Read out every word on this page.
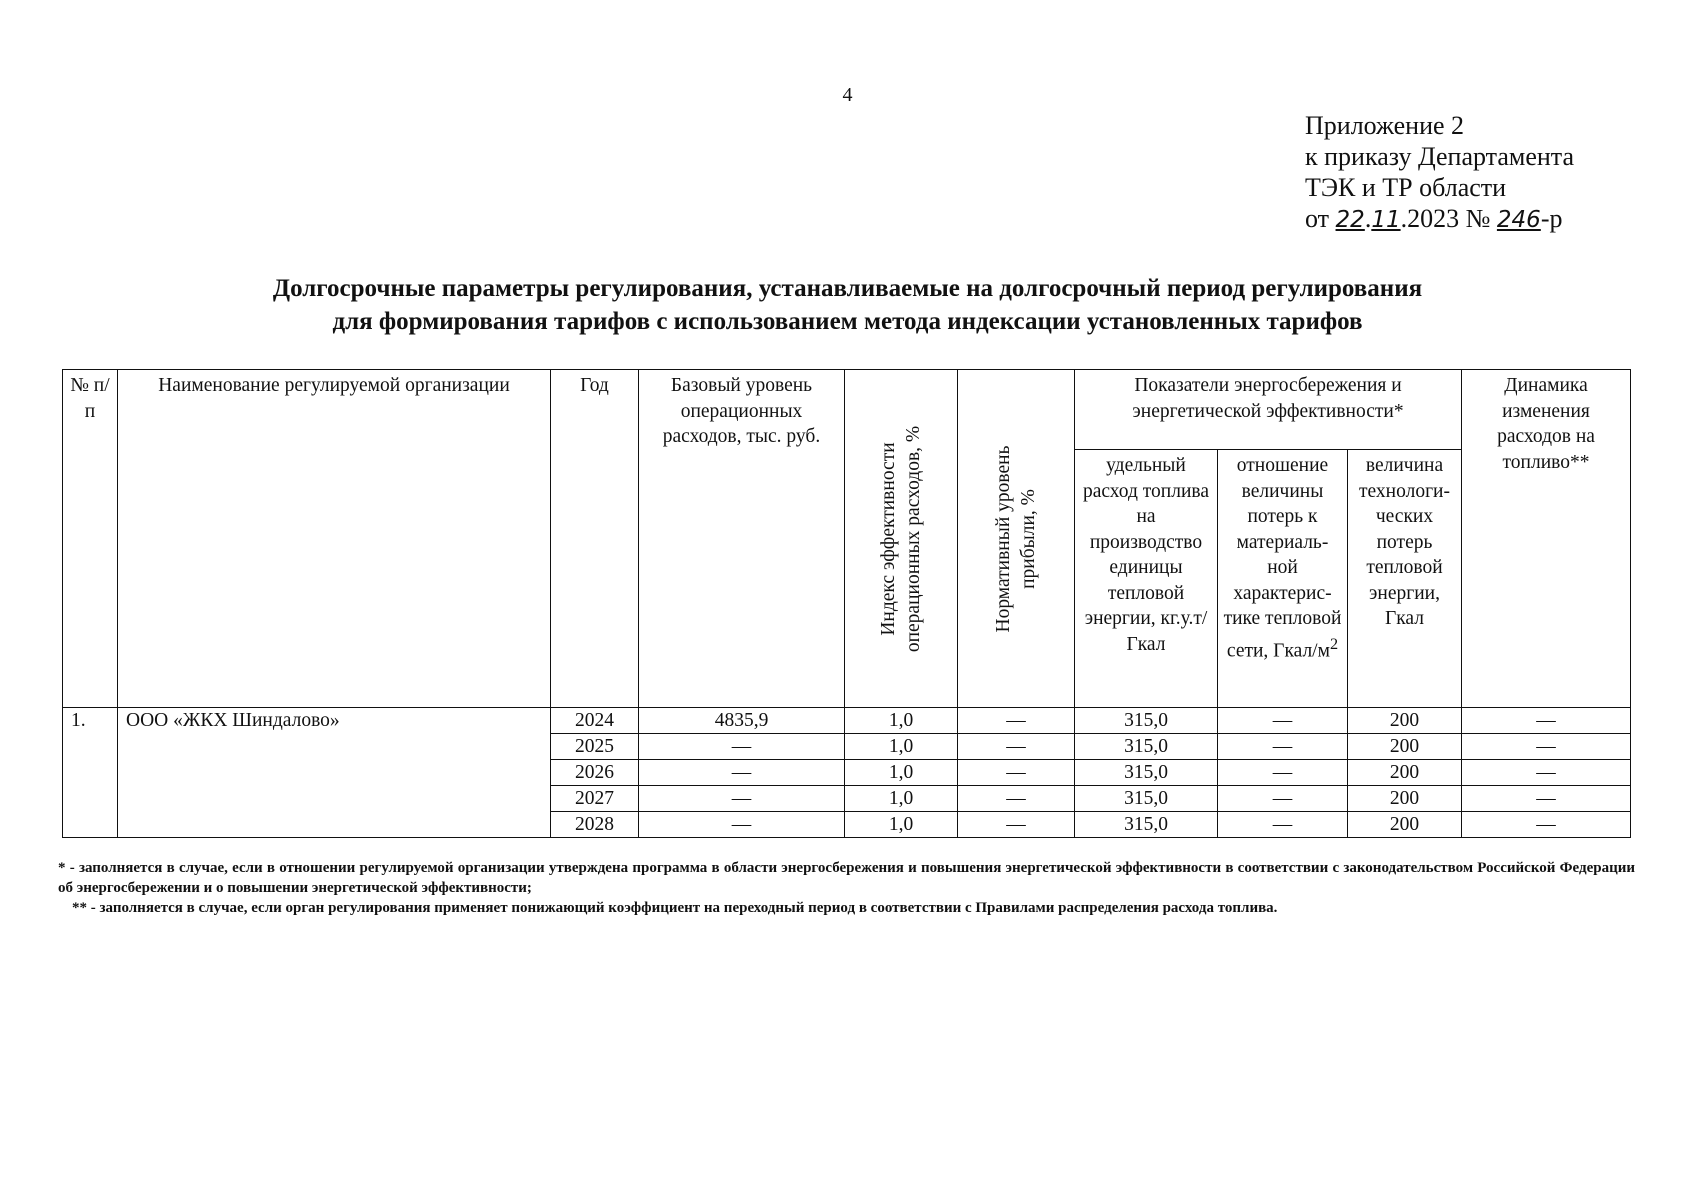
4
Приложение 2
к приказу Департамента
ТЭК и ТР области
от 22.11.2023 № 246-р
Долгосрочные параметры регулирования, устанавливаемые на долгосрочный период регулирования
для формирования тарифов с использованием метода индексации установленных тарифов
№ п/п	Наименование регулируемой организации	Год	Базовый уровень операционных расходов, тыс. руб.	Индекс эффективности операционных расходов, %	Нормативный уровень прибыли, %	Показатели энергосбережения и энергетической эффективности*			Динамика изменения расходов на топливо**
						удельный расход топлива на производство единицы тепловой энергии, кг.у.т/Гкал	отношение величины потерь к материаль- ной характерис- тике тепловой сети, Гкал/$м^2$	величина технологи- ческих потерь тепловой энергии, Гкал	
1.	ООО «ЖКХ Шиндалово»	2024	4835,9	1,0	—	315,0	—	200	—
		2025	—	1,0	—	315,0	—	200	—
		2026	—	1,0	—	315,0	—	200	—
		2027	—	1,0	—	315,0	—	200	—
		2028	—	1,0	—	315,0	—	200	—

* - заполняется в случае, если в отношении регулируемой организации утверждена программа в области энергосбережения и повышения энергетической эффективности в соответствии с законодательством Российской Федерации об энергосбережении и о повышении энергетической эффективности;

** - заполняется в случае, если орган регулирования применяет понижающий коэффициент на переходный период в соответствии с Правилами распределения расхода топлива.
